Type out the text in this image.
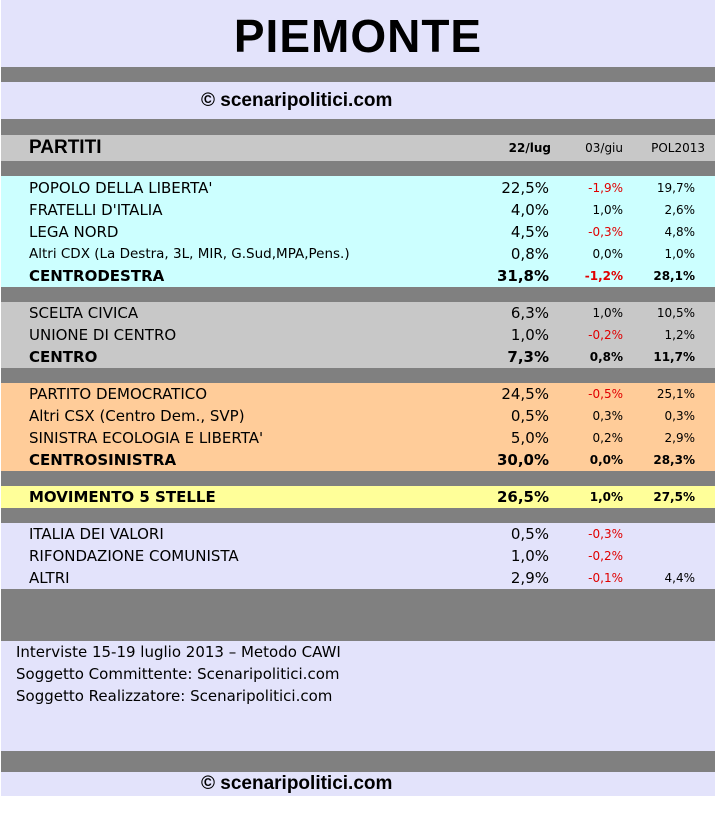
PIEMONTE
© scenaripolitici.com
PARTITI	22/lug	03/giu POL2013
POPOLO DELLA LIBERTA'	22,5%	-1,9%	19,7%
FRATELLI D'ITALIA	4,0%	1,0%	2,6%
LEGA NORD	4,5%	-0,3%	4,8%
Altri CDX (La Destra, 3L, MIR, G.Sud,MPA,Pens.)	0,8%	0,0%	1,0%
CENTRODESTRA	31,8%	-1,2%	28,1%
SCELTA CIVICA	6,3%	1,0%	10,5%
UNIONE DI CENTRO	1,0%	-0,2%	1,2%
CENTRO	7,3%	0,8%	11,7%
PARTITO DEMOCRATICO	24,5%	-0,5%	25,1%
Altri CSX (Centro Dem., SVP)	0,5%	0,3%	0,3%
SINISTRA ECOLOGIA E LIBERTA'	5,0%	0,2%	2,9%
CENTROSINISTRA	30,0%	0,0%	28,3%
MOVIMENTO 5 STELLE	26,5%	1,0%	27,5%
ITALIA DEI VALORI	0,5%	-0,3%
RIFONDAZIONE COMUNISTA	1,0%	-0,2%
ALTRI	2,9%	-0,1%	4,4%
Interviste 15-19 luglio 2013 – Metodo CAWI
Soggetto Committente: Scenaripolitici.com
Soggetto Realizzatore: Scenaripolitici.com
© scenaripolitici.com
